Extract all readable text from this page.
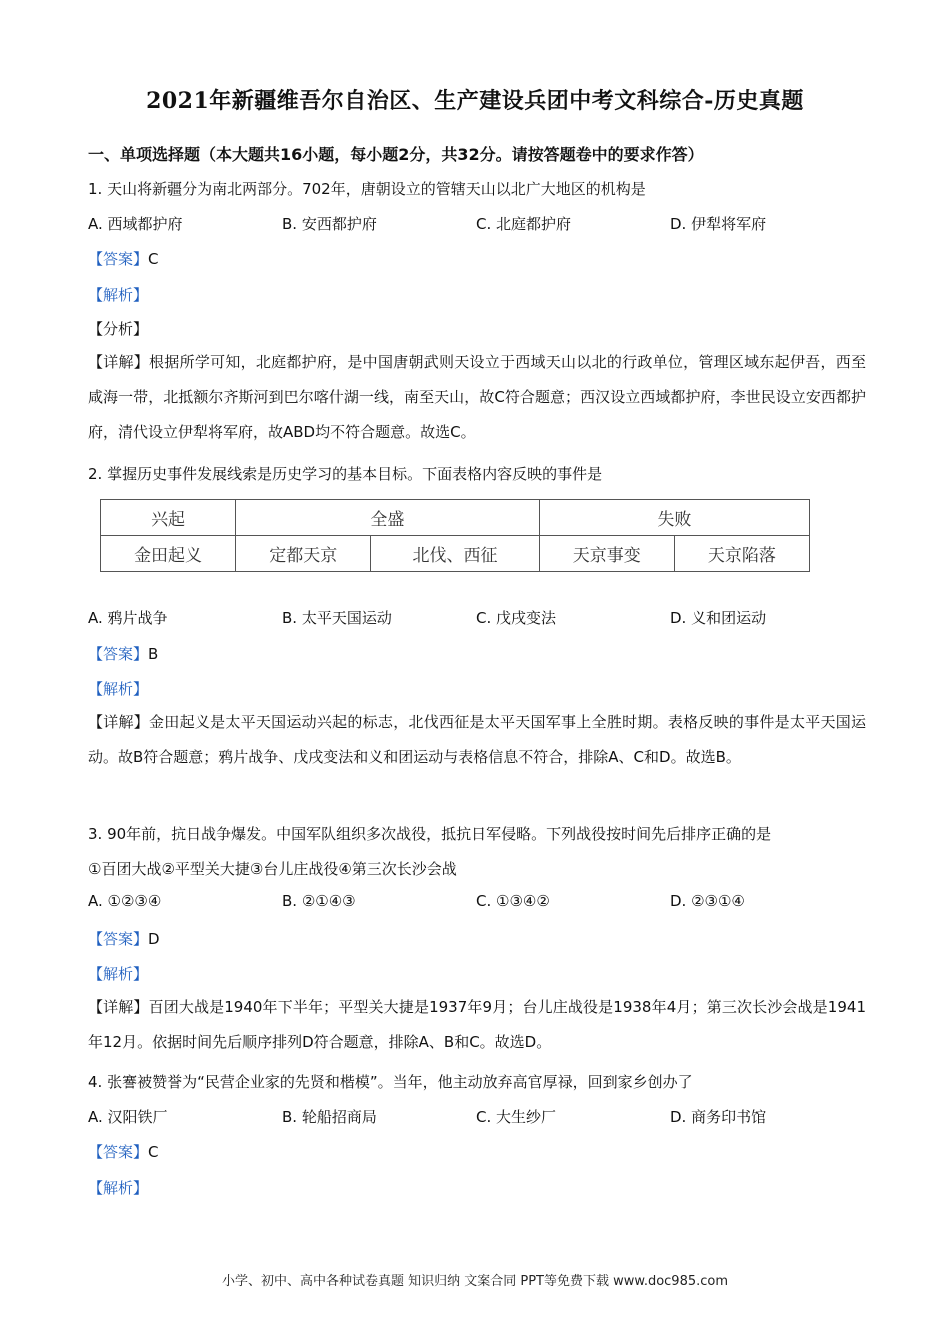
2021年新疆维吾尔自治区、生产建设兵团中考文科综合-历史真题
一、单项选择题（本大题共16小题，每小题2分，共32分。请按答题卷中的要求作答）
1. 天山将新疆分为南北两部分。702年，唐朝设立的管辖天山以北广大地区的机构是
A. 西域都护府	B. 安西都护府	C. 北庭都护府	D. 伊犁将军府
【答案】C
【解析】
【分析】
【详解】根据所学可知，北庭都护府，是中国唐朝武则天设立于西域天山以北的行政单位，管理区域东起伊吾，西至咸海一带，北抵额尔齐斯河到巴尔喀什湖一线，南至天山，故C符合题意；西汉设立西域都护府，李世民设立安西都护府，清代设立伊犁将军府，故ABD均不符合题意。故选C。
2. 掌握历史事件发展线索是历史学习的基本目标。下面表格内容反映的事件是
兴起	全盛		失败	
金田起义	定都天京	北伐、西征	天京事变	天京陷落
A. 鸦片战争	B. 太平天国运动	C. 戊戌变法	D. 义和团运动
【答案】B
【解析】
【详解】金田起义是太平天国运动兴起的标志，北伐西征是太平天国军事上全胜时期。表格反映的事件是太平天国运动。故B符合题意；鸦片战争、戊戌变法和义和团运动与表格信息不符合，排除A、C和D。故选B。
3. 90年前，抗日战争爆发。中国军队组织多次战役，抵抗日军侵略。下列战役按时间先后排序正确的是
①百团大战②平型关大捷③台儿庄战役④第三次长沙会战
A. ①②③④	B. ②①④③	C. ①③④②	D. ②③①④
【答案】D
【解析】
【详解】百团大战是1940年下半年；平型关大捷是1937年9月；台儿庄战役是1938年4月；第三次长沙会战是1941年12月。依据时间先后顺序排列D符合题意，排除A、B和C。故选D。
4. 张謇被赞誉为“民营企业家的先贤和楷模”。当年，他主动放弃高官厚禄，回到家乡创办了
A. 汉阳铁厂	B. 轮船招商局	C. 大生纱厂	D. 商务印书馆
【答案】C
【解析】
小学、初中、高中各种试卷真题 知识归纳 文案合同 PPT等免费下载 www.doc985.com
